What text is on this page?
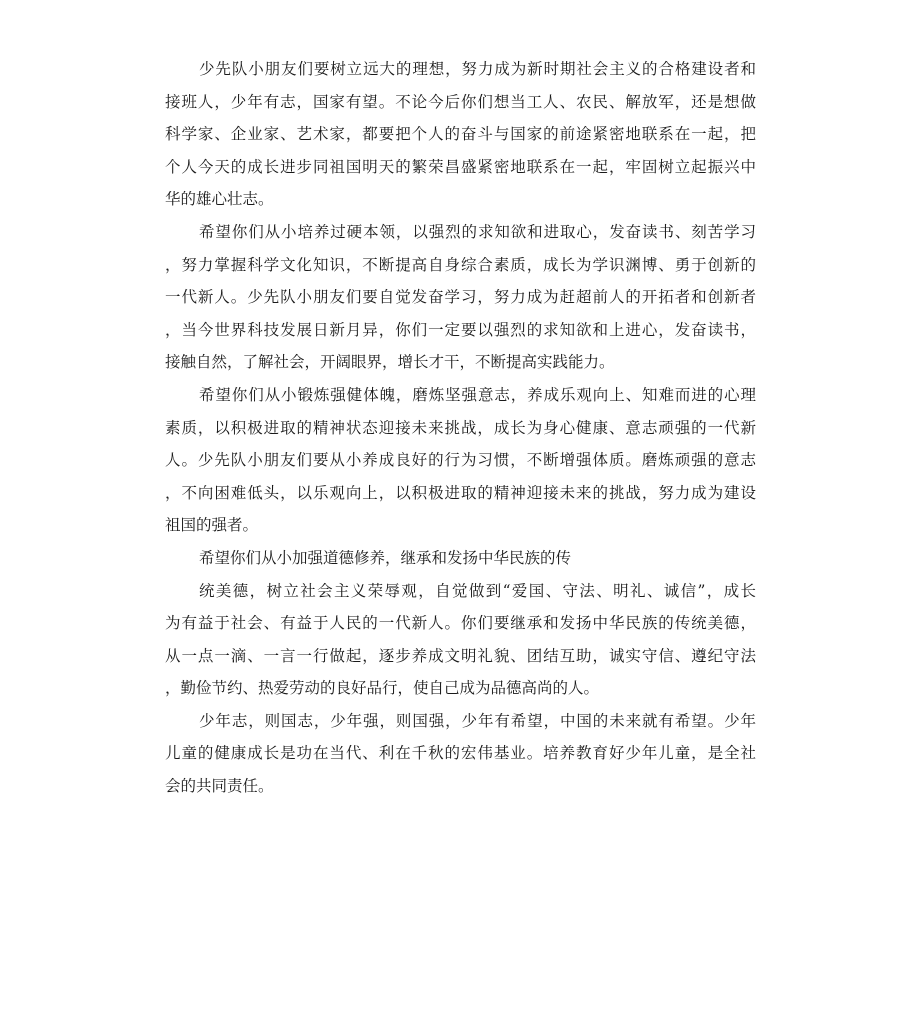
少先队小朋友们要树立远大的理想，努力成为新时期社会主义的合格建设者和
接班人，少年有志，国家有望。不论今后你们想当工人、农民、解放军，还是想做
科学家、企业家、艺术家，都要把个人的奋斗与国家的前途紧密地联系在一起，把
个人今天的成长进步同祖国明天的繁荣昌盛紧密地联系在一起，牢固树立起振兴中
华的雄心壮志。
希望你们从小培养过硬本领，以强烈的求知欲和进取心，发奋读书、刻苦学习
，努力掌握科学文化知识，不断提高自身综合素质，成长为学识渊博、勇于创新的
一代新人。少先队小朋友们要自觉发奋学习，努力成为赶超前人的开拓者和创新者
，当今世界科技发展日新月异，你们一定要以强烈的求知欲和上进心，发奋读书，
接触自然，了解社会，开阔眼界，增长才干，不断提高实践能力。
希望你们从小锻炼强健体魄，磨炼坚强意志，养成乐观向上、知难而进的心理
素质，以积极进取的精神状态迎接未来挑战，成长为身心健康、意志顽强的一代新
人。少先队小朋友们要从小养成良好的行为习惯，不断增强体质。磨炼顽强的意志
，不向困难低头，以乐观向上，以积极进取的精神迎接未来的挑战，努力成为建设
祖国的强者。
希望你们从小加强道德修养，继承和发扬中华民族的传
统美德，树立社会主义荣辱观，自觉做到“爱国、守法、明礼、诚信”，成长
为有益于社会、有益于人民的一代新人。你们要继承和发扬中华民族的传统美德，
从一点一滴、一言一行做起，逐步养成文明礼貌、团结互助，诚实守信、遵纪守法
，勤俭节约、热爱劳动的良好品行，使自己成为品德高尚的人。
少年志，则国志，少年强，则国强，少年有希望，中国的未来就有希望。少年
儿童的健康成长是功在当代、利在千秋的宏伟基业。培养教育好少年儿童，是全社
会的共同责任。
